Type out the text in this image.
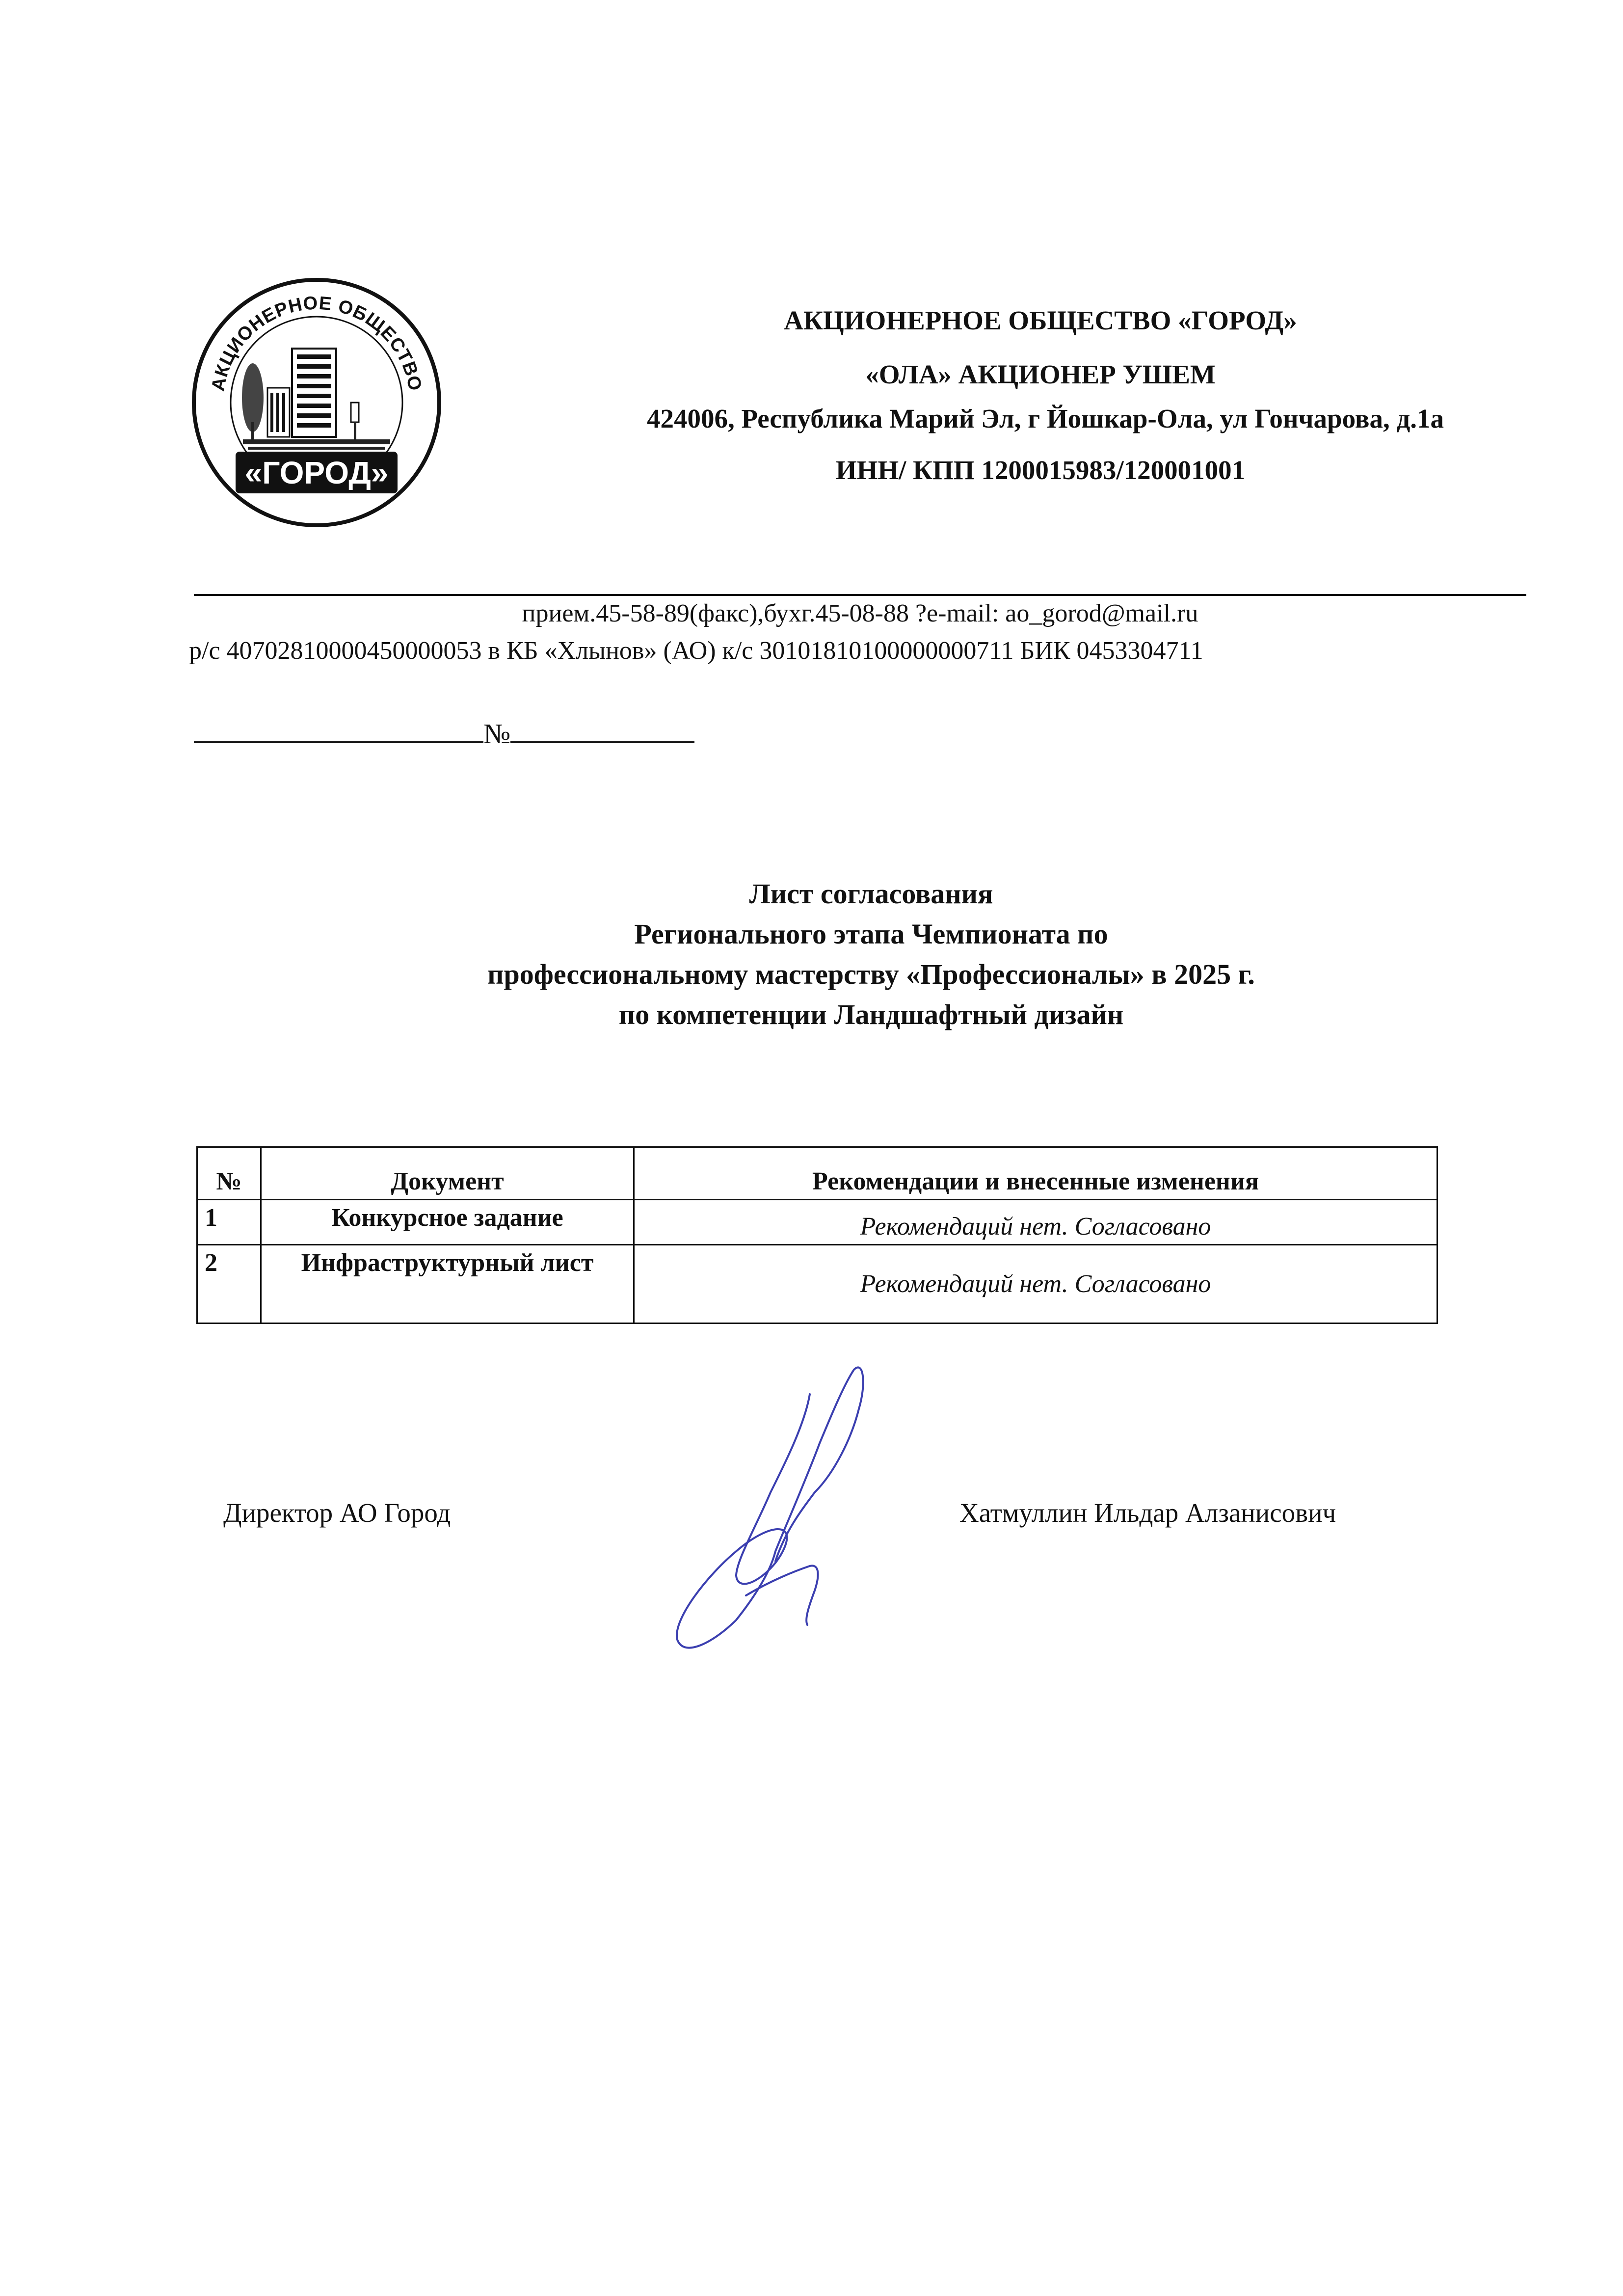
АКЦИОНЕРНОЕ ОБЩЕСТВО
«ГОРОД»
АКЦИОНЕРНОЕ ОБЩЕСТВО «ГОРОД»
«ОЛА» АКЦИОНЕР УШЕМ
424006, Республика Марий Эл, г Йошкар-Ола, ул Гончарова, д.1а
ИНН/ КПП 1200015983/120001001
прием.45-58-89(факс),бухг.45-08-88 ?e-mail: ao_gorod@mail.ru
р/с 40702810000450000053 в КБ «Хлынов» (АО) к/с 30101810100000000711 БИК 0453304711
№
Лист согласования
Регионального этапа Чемпионата по
профессиональному мастерству «Профессионалы» в 2025 г.
по компетенции Ландшафтный дизайн
№	Документ	Рекомендации и внесенные изменения
1	Конкурсное задание	Рекомендаций нет. Согласовано
2	Инфраструктурный лист	Рекомендаций нет. Согласовано
Директор АО Город	Хатмуллин Ильдар Алзанисович
